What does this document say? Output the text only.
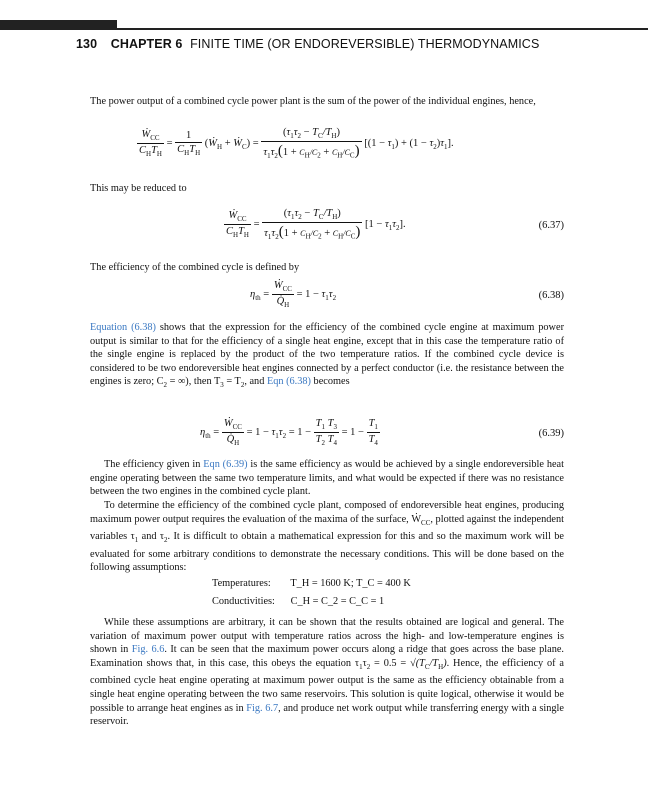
130 CHAPTER 6 FINITE TIME (OR ENDOREVERSIBLE) THERMODYNAMICS
The power output of a combined cycle power plant is the sum of the power of the individual engines, hence,
$\frac{Ẇ_{CC}}{C_HT_H} = \frac{1}{C_HT_H}$ (Ẇ$_H$ + Ẇ$_C$) = $\frac{(\tau_1\tau_2 - T_C/T_H)}{\tau_1\tau_2(1 + C_H/C_2 + C_H/C_C)} [(1 - \tau_1) + (1 - \tau_2)\tau_1]$.
This may be reduced to
$\frac{Ẇ_{CC}}{C_HT_H} = \frac{(\tau_1\tau_2 - T_C/T_H)}{\tau_1\tau_2(1 + C_H/C_2 + C_H/C_C)} [1 - \tau_1\tau_2]$.	(6.37)
The efficiency of the combined cycle is defined by
$\eta_{th} = \frac{Ẇ_{CC}}{Q̇_H} = 1 - \tau_1\tau_2$	(6.38)
Equation (6.38) shows that the expression for the efficiency of the combined cycle engine at maximum power output is similar to that for the efficiency of a single heat engine, except that in this case the temperature ratio of the single engine is replaced by the product of the two temperature ratios. If the combined cycle device is considered to be two endoreversible heat engines connected by a perfect conductor (i.e. the resistance between the engines is zero; $C_2$ = ∞), then $T_3 = T_2$, and Eqn (6.38) becomes
$\eta_{th} = \frac{Ẇ_{CC}}{Q̇_H} = 1 - \tau_1\tau_2 = 1 - \frac{T_1 T_3}{T_2 T_4} = 1 - \frac{T_1}{T_4}$	(6.39)
The efficiency given in Eqn (6.39) is the same efficiency as would be achieved by a single endoreversible heat engine operating between the same two temperature limits, and what would be expected if there was no resistance between the two engines in the combined cycle plant.
To determine the efficiency of the combined cycle plant, composed of endoreversible heat engines, producing maximum power output requires the evaluation of the maxima of the surface, Ẇ$_{CC}$, plotted against the independent variables $\tau_1$ and $\tau_2$. It is difficult to obtain a mathematical expression for this and so the maximum work will be evaluated for some arbitrary conditions to demonstrate the necessary conditions. This will be done based on the following assumptions:
Temperatures: T_H = 1600 K; T_C = 400 K
Conductivities: C_H = C_2 = C_C = 1
While these assumptions are arbitrary, it can be shown that the results obtained are logical and general. The variation of maximum power output with temperature ratios across the high- and low-temperature engines is shown in Fig. 6.6. It can be seen that the maximum power occurs along a ridge that goes across the base plane. Examination shows that, in this case, this obeys the equation $\tau_1\tau_2 = 0.5 = √(T_C/T_H)$. Hence, the efficiency of a combined cycle heat engine operating at maximum power output is the same as the efficiency obtainable from a single heat engine operating between the two same reservoirs. This solution is quite logical, otherwise it would be possible to arrange heat engines as in Fig. 6.7, and produce net work output while transferring energy with a single reservoir.
